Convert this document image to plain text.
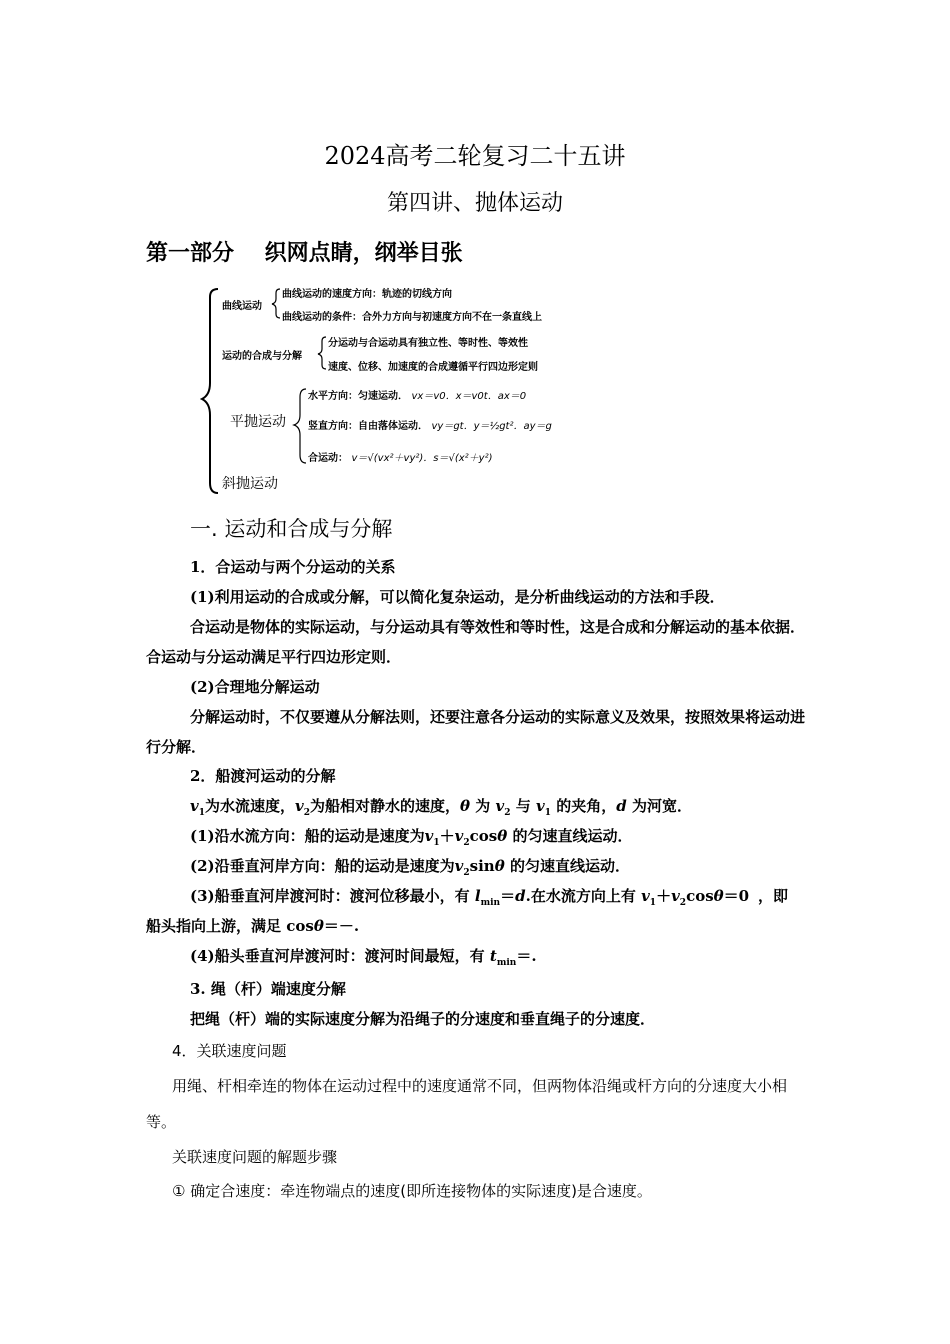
2024高考二轮复习二十五讲
第四讲、抛体运动
第一部分    织网点睛，纲举目张
曲线运动
曲线运动的速度方向：轨迹的切线方向
曲线运动的条件：合外力方向与初速度方向不在一条直线上
运动的合成与分解
分运动与合运动具有独立性、等时性、等效性
速度、位移、加速度的合成遵循平行四边形定则
平抛运动
水平方向：匀速运动． vx＝v0．x＝v0t．ax＝0
竖直方向：自由落体运动． vy＝gt．y＝½gt²．ay＝g
合运动： v＝√(vx²＋vy²)．s＝√(x²＋y²)
斜抛运动
一. 运动和合成与分解
1．合运动与两个分运动的关系
(1)利用运动的合成或分解，可以简化复杂运动，是分析曲线运动的方法和手段．
合运动是物体的实际运动，与分运动具有等效性和等时性，这是合成和分解运动的基本依据．合运动与分运动满足平行四边形定则．
(2)合理地分解运动
分解运动时，不仅要遵从分解法则，还要注意各分运动的实际意义及效果，按照效果将运动进行分解．
2．船渡河运动的分解
$v_1$为水流速度，$v_2$为船相对静水的速度，θ 为 $v_2$ 与 $v_1$ 的夹角，d 为河宽．
(1)沿水流方向：船的运动是速度为$v_1+v_2\cos\theta$ 的匀速直线运动．
(2)沿垂直河岸方向：船的运动是速度为$v_2\sin\theta$ 的匀速直线运动．
(3)船垂直河岸渡河时：渡河位移最小，有 $l_{min}=d$.在水流方向上有 $v_1+v_2\cos\theta=0$ ，即
船头指向上游，满足 cosθ＝－.
(4)船头垂直河岸渡河时：渡河时间最短，有 $t_{min}=$.
3. 绳（杆）端速度分解
把绳（杆）端的实际速度分解为沿绳子的分速度和垂直绳子的分速度．
4．关联速度问题
用绳、杆相牵连的物体在运动过程中的速度通常不同，但两物体沿绳或杆方向的分速度大小相等。
关联速度问题的解题步骤
① 确定合速度：牵连物端点的速度(即所连接物体的实际速度)是合速度。
